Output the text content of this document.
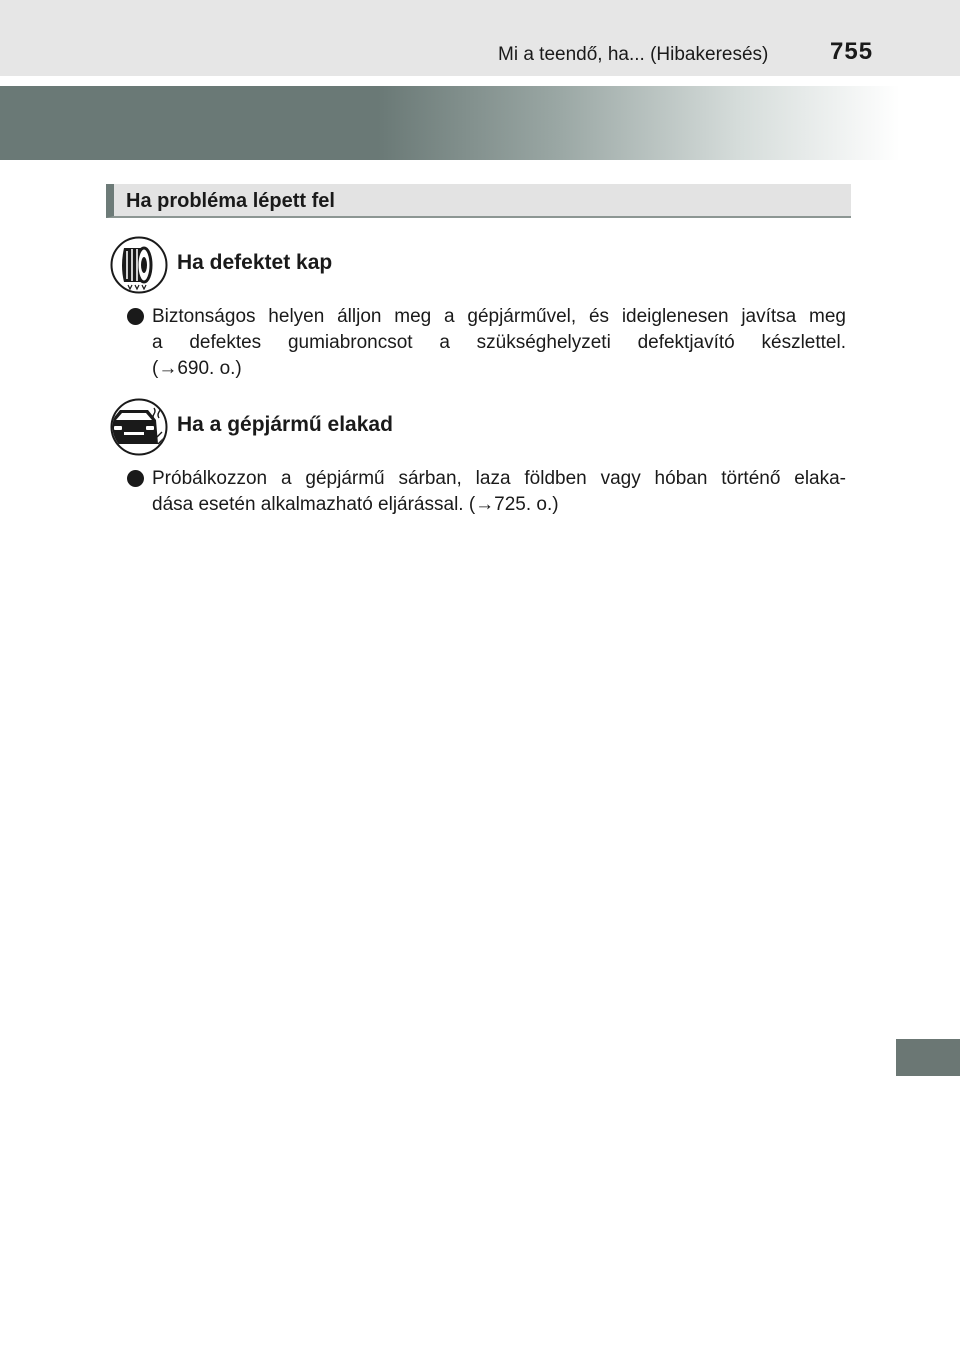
Mi a teendő, ha... (Hibakeresés)	755
Ha probléma lépett fel
Ha defektet kap
Biztonságos helyen álljon meg a gépjárművel, és ideiglenesen javítsa meg
a defektes gumiabroncsot a szükséghelyzeti defektjavító készlettel.
(→690. o.)
Ha a gépjármű elakad
Próbálkozzon a gépjármű sárban, laza földben vagy hóban történő elaka-
dása esetén alkalmazható eljárással. (→725. o.)
